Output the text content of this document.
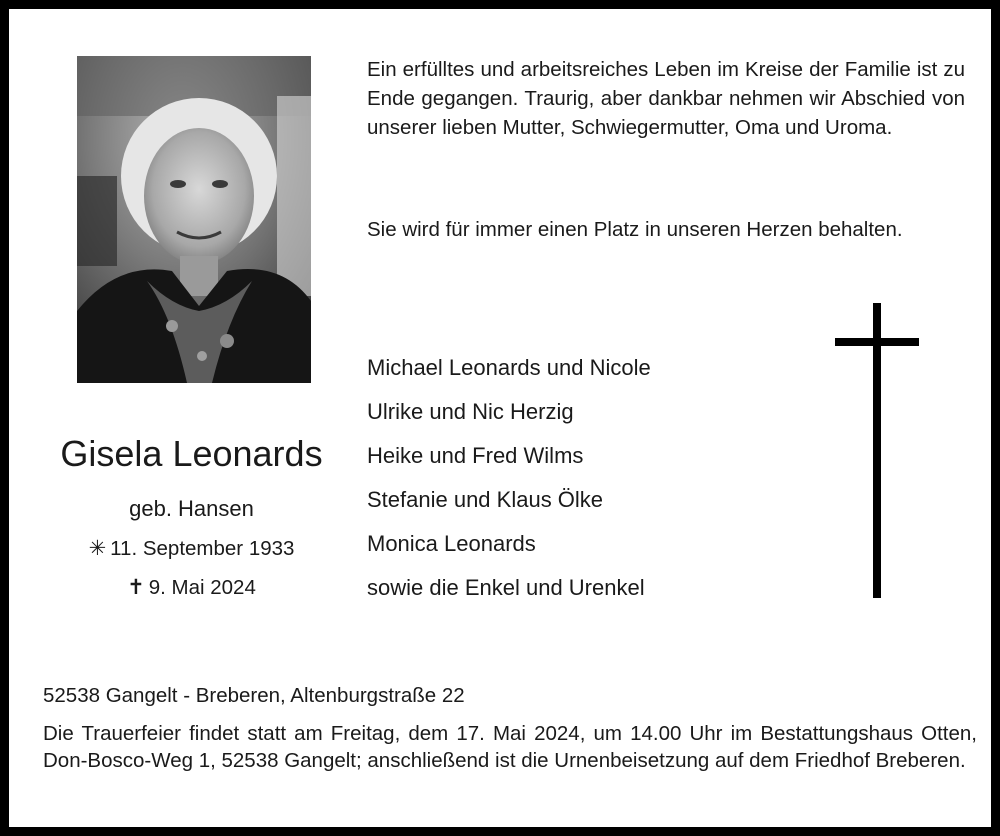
Ein erfülltes und arbeitsreiches Leben im Kreise der Familie ist zu Ende gegangen. Traurig, aber dankbar nehmen wir Abschied von unserer lieben Mutter, Schwiegermutter, Oma und Uroma.

Sie wird für immer einen Platz in unseren Herzen behalten.
Gisela Leonards
geb. Hansen
✳ 11. September 1933
✝ 9. Mai 2024
Michael Leonards und Nicole
Ulrike und Nic Herzig
Heike und Fred Wilms
Stefanie und Klaus Ölke
Monica Leonards
sowie die Enkel und Urenkel
52538 Gangelt - Breberen, Altenburgstraße 22
Die Trauerfeier findet statt am Freitag, dem 17. Mai 2024, um 14.00 Uhr im Bestattungshaus Otten, Don-Bosco-Weg 1, 52538 Gangelt; anschließend ist die Urnenbeisetzung auf dem Friedhof Breberen.
